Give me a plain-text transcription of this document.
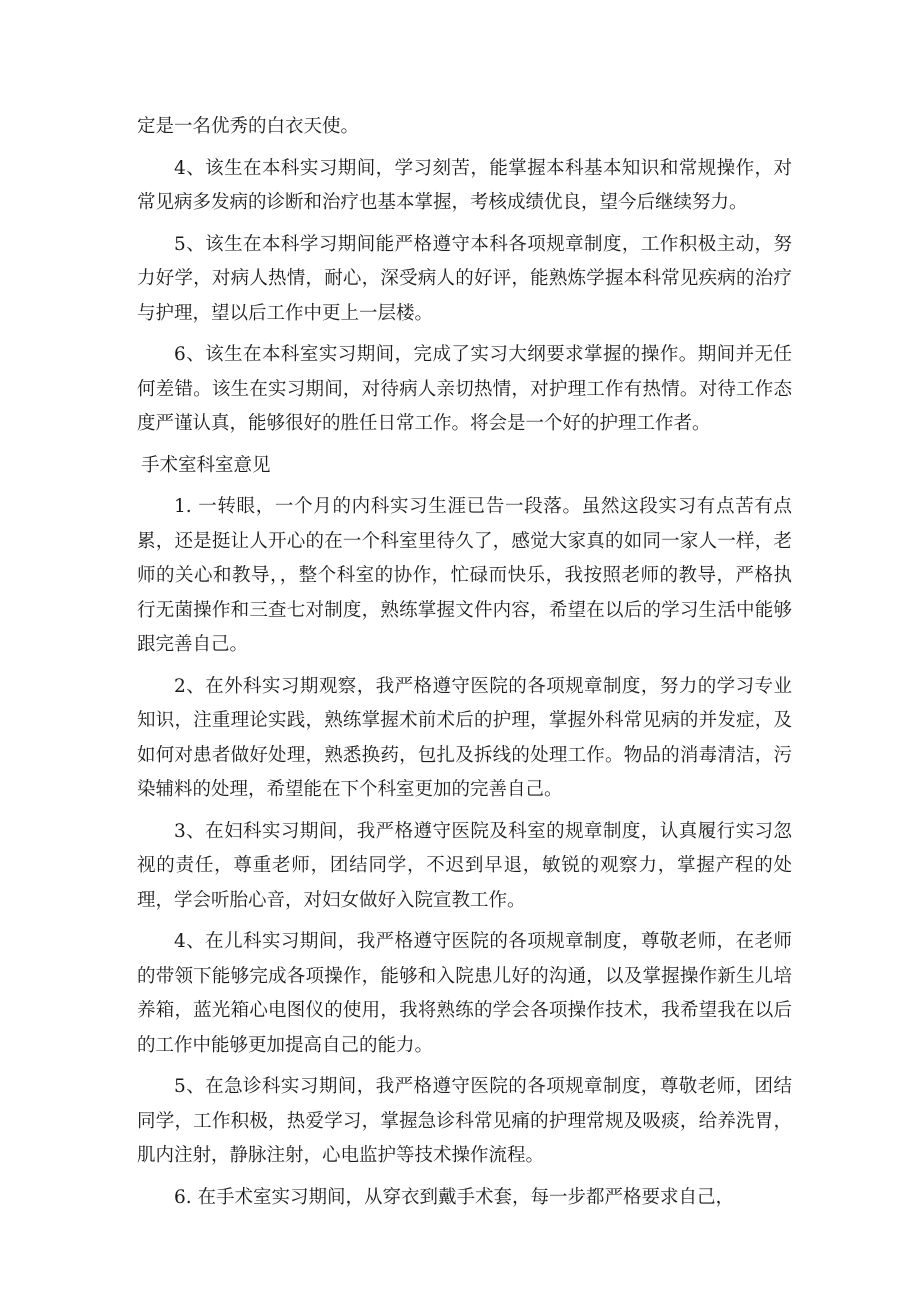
定是一名优秀的白衣天使。

4、该生在本科实习期间，学习刻苦，能掌握本科基本知识和常规操作，对常见病多发病的诊断和治疗也基本掌握，考核成绩优良，望今后继续努力。

5、该生在本科学习期间能严格遵守本科各项规章制度，工作积极主动，努力好学，对病人热情，耐心，深受病人的好评，能熟炼学握本科常见疾病的治疗与护理，望以后工作中更上一层楼。

6、该生在本科室实习期间，完成了实习大纲要求掌握的操作。期间并无任何差错。该生在实习期间，对待病人亲切热情，对护理工作有热情。对待工作态度严谨认真，能够很好的胜任日常工作。将会是一个好的护理工作者。

手术室科室意见

1. 一转眼，一个月的内科实习生涯已告一段落。虽然这段实习有点苦有点累，还是挺让人开心的在一个科室里待久了，感觉大家真的如同一家人一样，老师的关心和教导，，整个科室的协作，忙碌而快乐，我按照老师的教导，严格执行无菌操作和三查七对制度，熟练掌握文件内容，希望在以后的学习生活中能够跟完善自己。

2、在外科实习期观察，我严格遵守医院的各项规章制度，努力的学习专业知识，注重理论实践，熟练掌握术前术后的护理，掌握外科常见病的并发症，及如何对患者做好处理，熟悉换药，包扎及拆线的处理工作。物品的消毒清洁，污染辅料的处理，希望能在下个科室更加的完善自己。

3、在妇科实习期间，我严格遵守医院及科室的规章制度，认真履行实习忽视的责任，尊重老师，团结同学，不迟到早退，敏锐的观察力，掌握产程的处理，学会听胎心音，对妇女做好入院宣教工作。

4、在儿科实习期间，我严格遵守医院的各项规章制度，尊敬老师，在老师的带领下能够完成各项操作，能够和入院患儿好的沟通，以及掌握操作新生儿培养箱，蓝光箱心电图仪的使用，我将熟练的学会各项操作技术，我希望我在以后的工作中能够更加提高自己的能力。

5、在急诊科实习期间，我严格遵守医院的各项规章制度，尊敬老师，团结同学，工作积极，热爱学习，掌握急诊科常见痛的护理常规及吸痰，给养洗胃，肌内注射，静脉注射，心电监护等技术操作流程。

6. 在手术室实习期间，从穿衣到戴手术套，每一步都严格要求自己，
